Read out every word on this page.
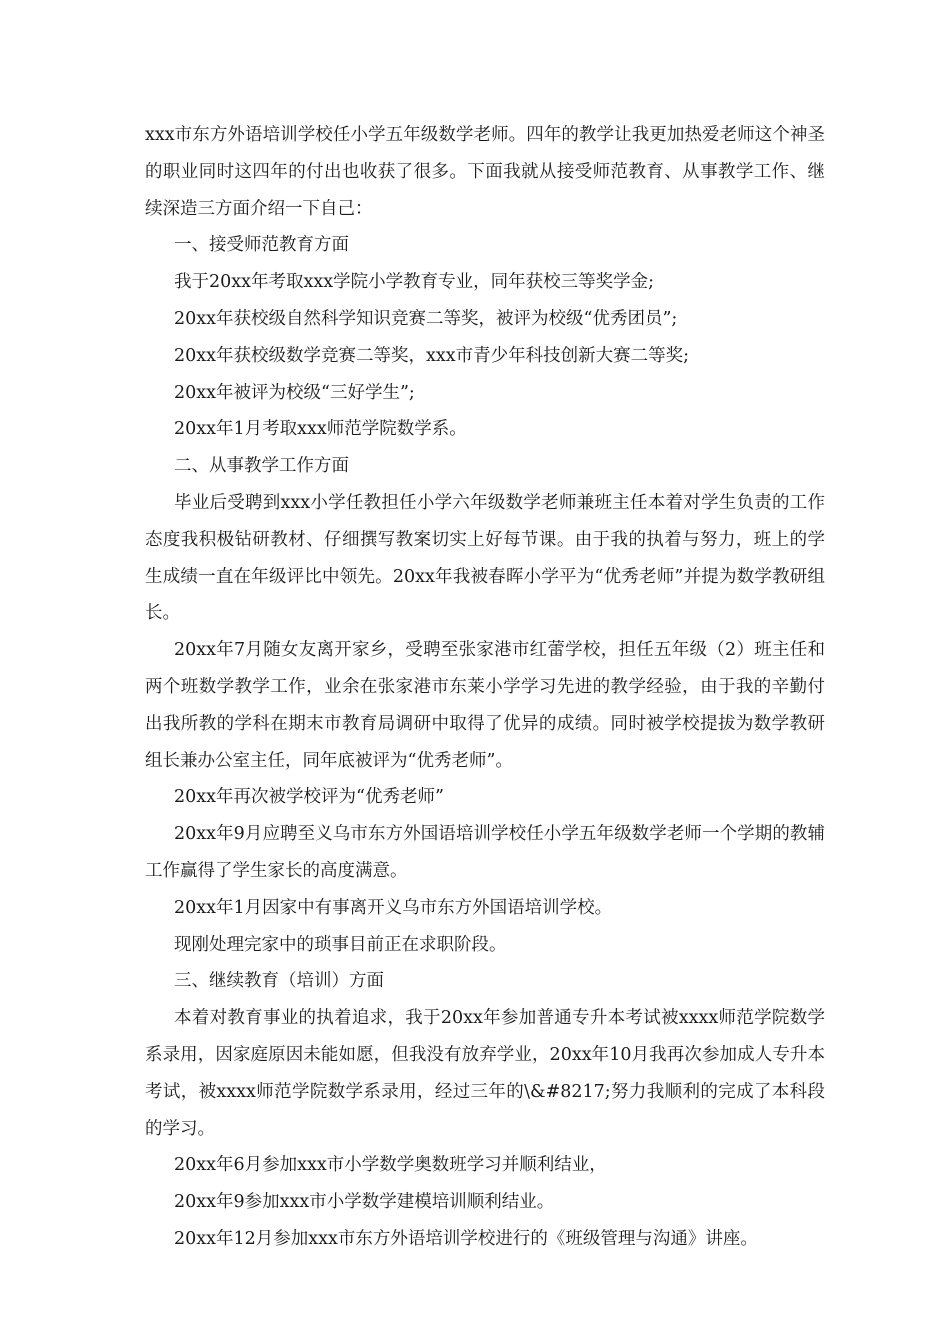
xxx市东方外语培训学校任小学五年级数学老师。四年的教学让我更加热爱老师这个神圣的职业同时这四年的付出也收获了很多。下面我就从接受师范教育、从事教学工作、继续深造三方面介绍一下自己：

一、接受师范教育方面

我于20xx年考取xxx学院小学教育专业，同年获校三等奖学金;

20xx年获校级自然科学知识竞赛二等奖，被评为校级“优秀团员”;

20xx年获校级数学竞赛二等奖，xxx市青少年科技创新大赛二等奖;

20xx年被评为校级“三好学生”;

20xx年1月考取xxx师范学院数学系。

二、从事教学工作方面

毕业后受聘到xxx小学任教担任小学六年级数学老师兼班主任本着对学生负责的工作态度我积极钻研教材、仔细撰写教案切实上好每节课。由于我的执着与努力，班上的学生成绩一直在年级评比中领先。20xx年我被春晖小学平为“优秀老师”并提为数学教研组长。

20xx年7月随女友离开家乡，受聘至张家港市红蕾学校，担任五年级（2）班主任和两个班数学教学工作，业余在张家港市东莱小学学习先进的教学经验，由于我的辛勤付出我所教的学科在期末市教育局调研中取得了优异的成绩。同时被学校提拔为数学教研组长兼办公室主任，同年底被评为“优秀老师”。

20xx年再次被学校评为“优秀老师”

20xx年9月应聘至义乌市东方外国语培训学校任小学五年级数学老师一个学期的教辅工作赢得了学生家长的高度满意。

20xx年1月因家中有事离开义乌市东方外国语培训学校。

现刚处理完家中的琐事目前正在求职阶段。

三、继续教育（培训）方面

本着对教育事业的执着追求，我于20xx年参加普通专升本考试被xxxx师范学院数学系录用，因家庭原因未能如愿，但我没有放弃学业，20xx年10月我再次参加成人专升本考试，被xxxx师范学院数学系录用，经过三年的\&#8217;努力我顺利的完成了本科段的学习。

20xx年6月参加xxx市小学数学奥数班学习并顺利结业，

20xx年9参加xxx市小学数学建模培训顺利结业。

20xx年12月参加xxx市东方外语培训学校进行的《班级管理与沟通》讲座。
